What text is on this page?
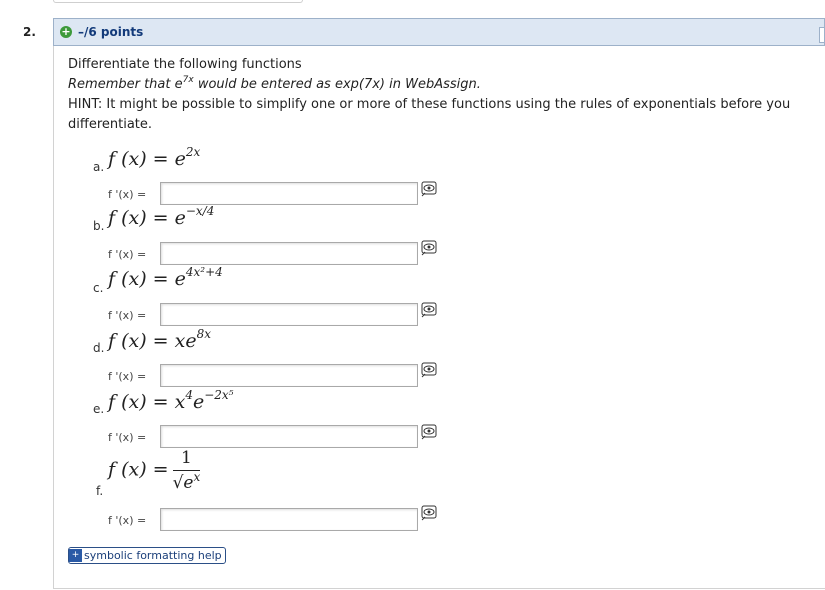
2. + –/6 points
Differentiate the following functions
Remember that $e^{7x}$ would be entered as exp(7x) in WebAssign.
HINT: It might be possible to simplify one or more of these functions using the rules of exponentials before you
differentiate.
a. f $(x) = e^{2x}$
f '(x) =
b. f $(x) = e^{-x/4}$
f '(x) =
c. f $(x) = e^{4x^2+4}$
f '(x) =
d. f $(x) = xe^{8x}$
f '(x) =
e. f $(x) = x^4e^{-2x^5}$
f '(x) =
f.
f $(x) = \frac{1}{√e^x}$
f '(x) =
+ symbolic formatting help
